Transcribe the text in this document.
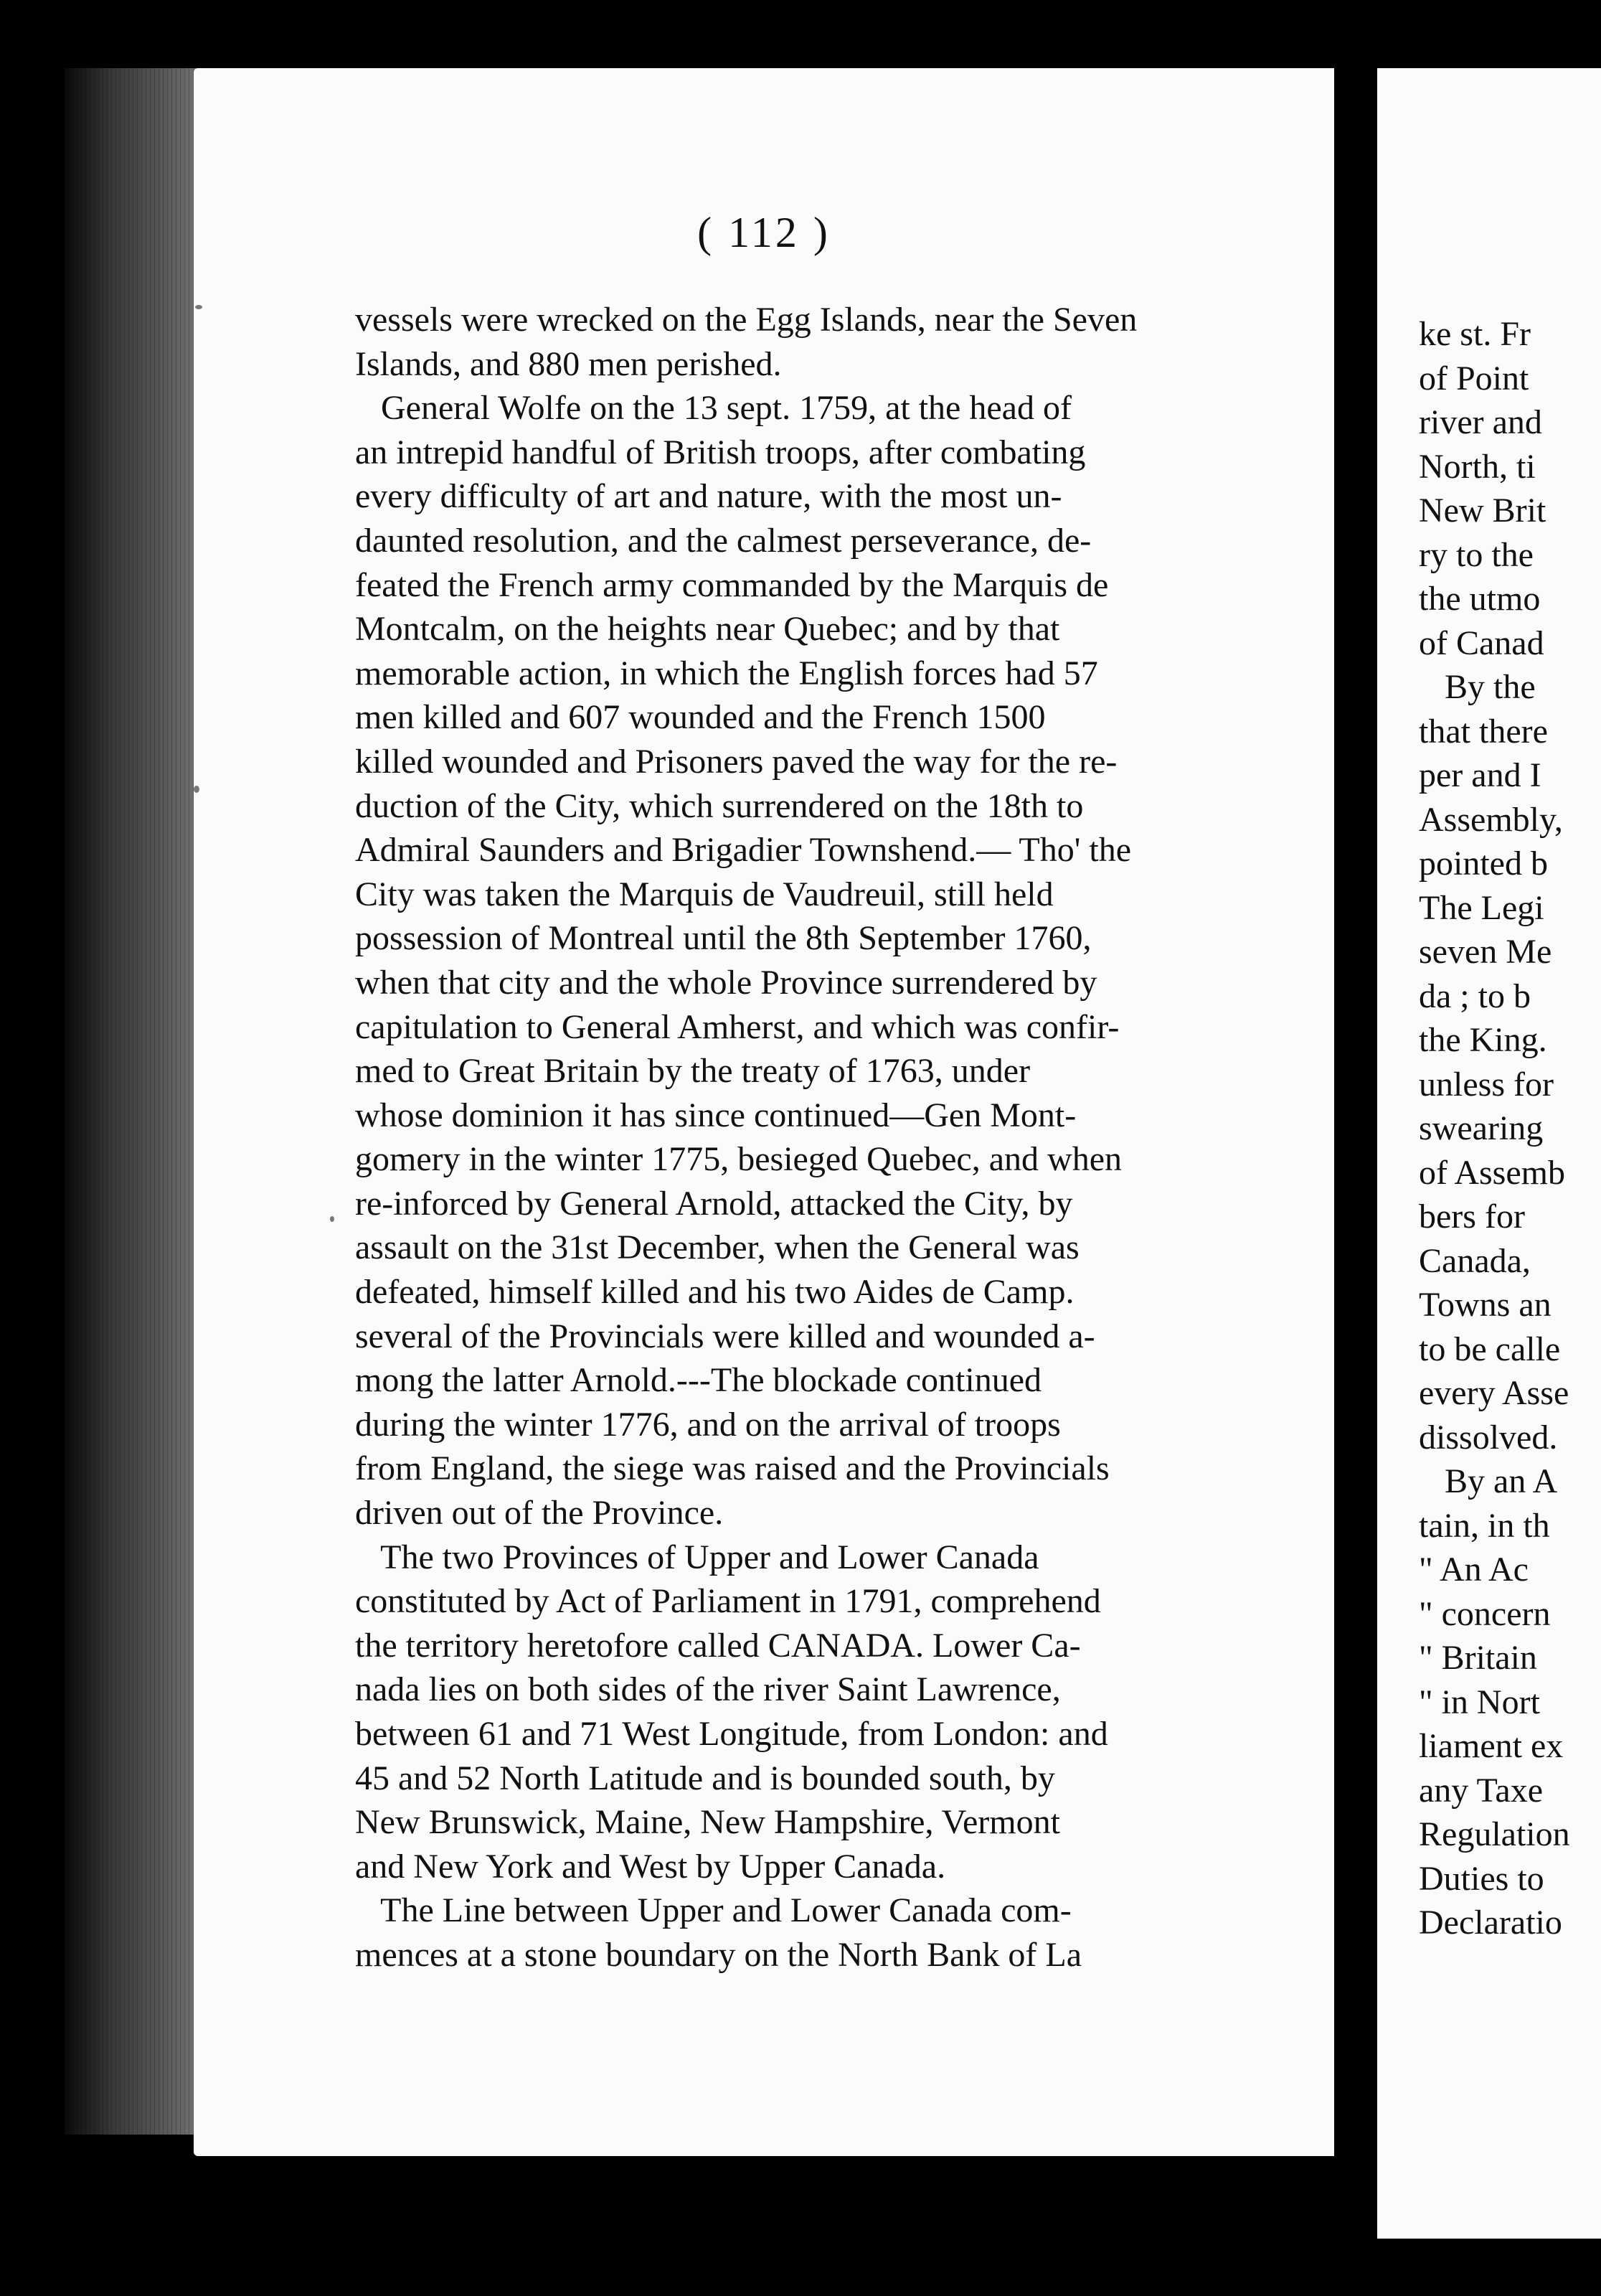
( 112 )
vessels were wrecked on the Egg Islands, near the Seven
Islands, and 880 men perished.
General Wolfe on the 13 sept. 1759, at the head of
an intrepid handful of British troops, after combating
every difficulty of art and nature, with the most un-
daunted resolution, and the calmest perseverance, de-
feated the French army commanded by the Marquis de
Montcalm, on the heights near Quebec; and by that
memorable action, in which the English forces had 57
men killed and 607 wounded and the French 1500
killed wounded and Prisoners paved the way for the re-
duction of the City, which surrendered on the 18th to
Admiral Saunders and Brigadier Townshend.— Tho' the
City was taken the Marquis de Vaudreuil, still held
possession of Montreal until the 8th September 1760,
when that city and the whole Province surrendered by
capitulation to General Amherst, and which was confir-
med to Great Britain by the treaty of 1763, under
whose dominion it has since continued—Gen Mont-
gomery in the winter 1775, besieged Quebec, and when
re-inforced by General Arnold, attacked the City, by
assault on the 31st December, when the General was
defeated, himself killed and his two Aides de Camp.
several of the Provincials were killed and wounded a-
mong the latter Arnold.---The blockade continued
during the winter 1776, and on the arrival of troops
from England, the siege was raised and the Provincials
driven out of the Province.
The two Provinces of Upper and Lower Canada
constituted by Act of Parliament in 1791, comprehend
the territory heretofore called CANADA. Lower Ca-
nada lies on both sides of the river Saint Lawrence,
between 61 and 71 West Longitude, from London: and
45 and 52 North Latitude and is bounded south, by
New Brunswick, Maine, New Hampshire, Vermont
and New York and West by Upper Canada.
The Line between Upper and Lower Canada com-
mences at a stone boundary on the North Bank of La
ke st. Fr
of Point
river and
North, ti
New Brit
ry to the
the utmo
of Canad
By the
that there
per and I
Assembly,
pointed b
The Legi
seven Me
da ; to b
the King.
unless for
swearing
of Assemb
bers for
Canada,
Towns an
to be calle
every Asse
dissolved.
By an A
tain, in th
" An Ac
" concern
" Britain
" in Nort
liament ex
any Taxe
Regulation
Duties to
Declaratio
